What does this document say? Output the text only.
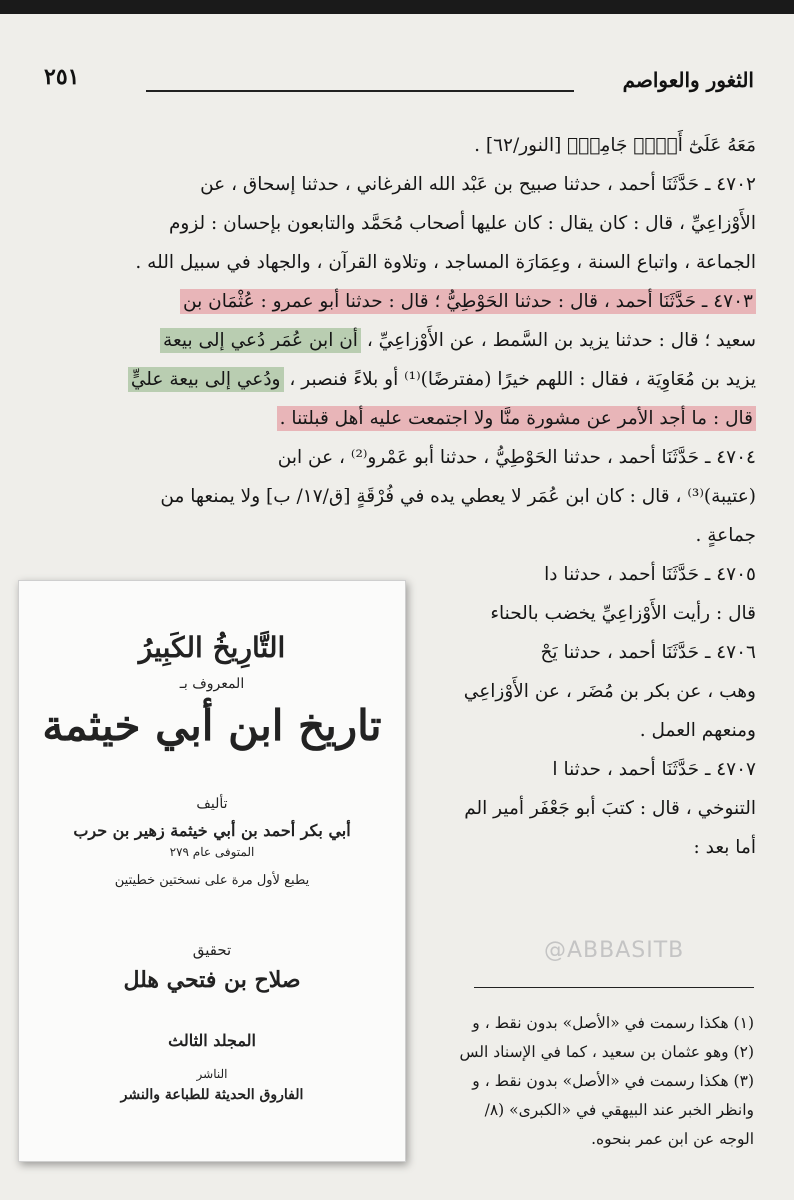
الثغور والعواصم
٢٥١
مَعَهُ عَلَىٰٓ أَمۡرٖ جَامِعٖ﴾ [النور/٦٢] .
٤٧٠٢ ـ حَدَّثَنَا أحمد ، حدثنا صبيح بن عَبْد الله الفرغاني ، حدثنا إسحاق ، عن
الأَوْزاعِيِّ ، قال : كان يقال : كان عليها أصحاب مُحَمَّد والتابعون بإحسان : لزوم
الجماعة ، واتباع السنة ، وعِمَارَة المساجد ، وتلاوة القرآن ، والجهاد في سبيل الله .
٤٧٠٣ ـ حَدَّثَنَا أحمد ، قال : حدثنا الحَوْطِيُّ ؛ قال : حدثنا أبو عمرو : عُثْمَان بن
سعيد ؛ قال : حدثنا يزيد بن السَّمط ، عن الأَوْزاعِيِّ ، أن ابن عُمَر دُعي إلى بيعة
يزيد بن مُعَاوِيَة ، فقال : اللهم خيرًا (مفترضًا)⁽¹⁾ أو بلاءً فنصبر ، ودُعي إلى بيعة عليٍّ
قال : ما أجد الأمر عن مشورة منَّا ولا اجتمعت عليه أهل قبلتنا .
٤٧٠٤ ـ حَدَّثَنَا أحمد ، حدثنا الحَوْطِيُّ ، حدثنا أبو عَمْرو⁽²⁾ ، عن ابن
(عتيبة)⁽³⁾ ، قال : كان ابن عُمَر لا يعطي يده في فُرْقَةٍ [ق/١٧/ ب] ولا يمنعها من
جماعةٍ .
٤٧٠٥ ـ حَدَّثَنَا أحمد ، حدثنا دا
قال : رأيت الأَوْزاعِيِّ يخضب بالحناء
٤٧٠٦ ـ حَدَّثَنَا أحمد ، حدثنا يَحْ
وهب ، عن بكر بن مُضَر ، عن الأَوْزاعِي
ومنعهم العمل .
٤٧٠٧ ـ حَدَّثَنَا أحمد ، حدثنا ا
التنوخي ، قال : كتبَ أبو جَعْفَر أمير الم
أما بعد :
@ABBASITB
(١) هكذا رسمت في «الأصل» بدون نقط ، و
(٢) وهو عثمان بن سعيد ، كما في الإسناد الس
(٣) هكذا رسمت في «الأصل» بدون نقط ، و
وانظر الخبر عند البيهقي في «الكبرى» (٨/
الوجه عن ابن عمر بنحوه.
التَّارِيخُ الكَبِيرُ
المعروف بـ
تاريخ ابن أبي خيثمة
تأليف
أبي بكر أحمد بن أبي خيثمة زهير بن حرب
المتوفى عام ٢٧٩
يطبع لأول مرة على نسختين خطيتين
تحقيق
صلاح بن فتحي هلل
المجلد الثالث
الناشر
الفاروق الحديثة للطباعة والنشر
